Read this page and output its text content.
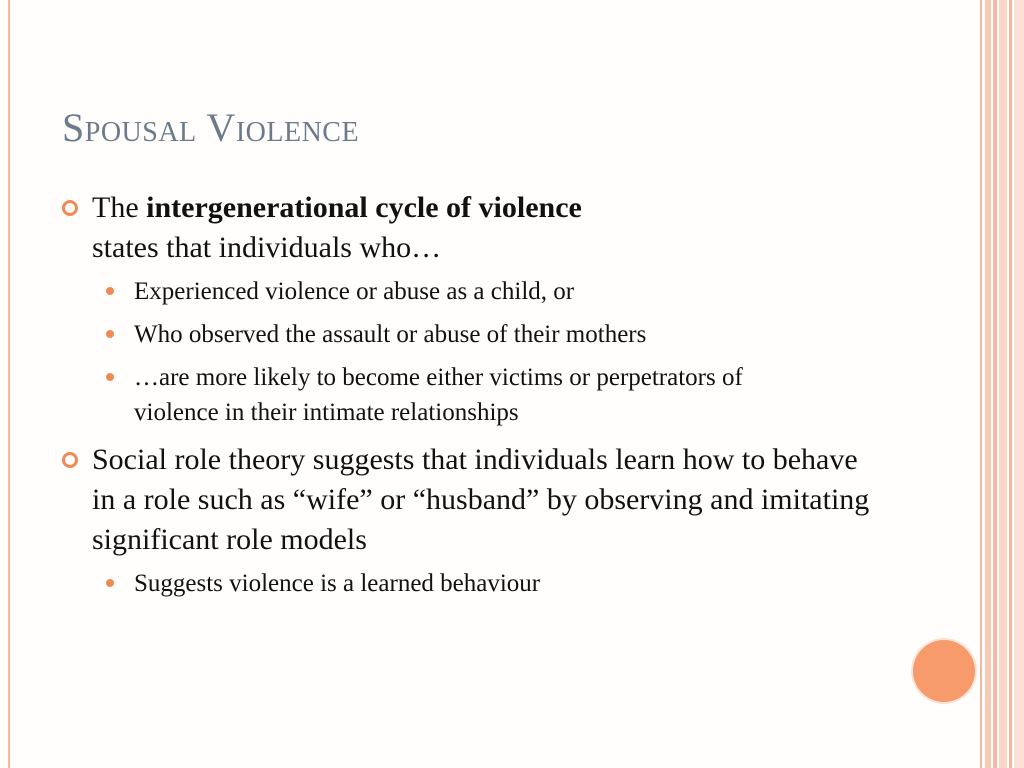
Spousal Violence
The intergenerational cycle of violence
states that individuals who…
Experienced violence or abuse as a child, or
Who observed the assault or abuse of their mothers
…are more likely to become either victims or perpetrators of violence in their intimate relationships
Social role theory suggests that individuals learn how to behave in a role such as “wife” or “husband” by observing and imitating significant role models
Suggests violence is a learned behaviour
